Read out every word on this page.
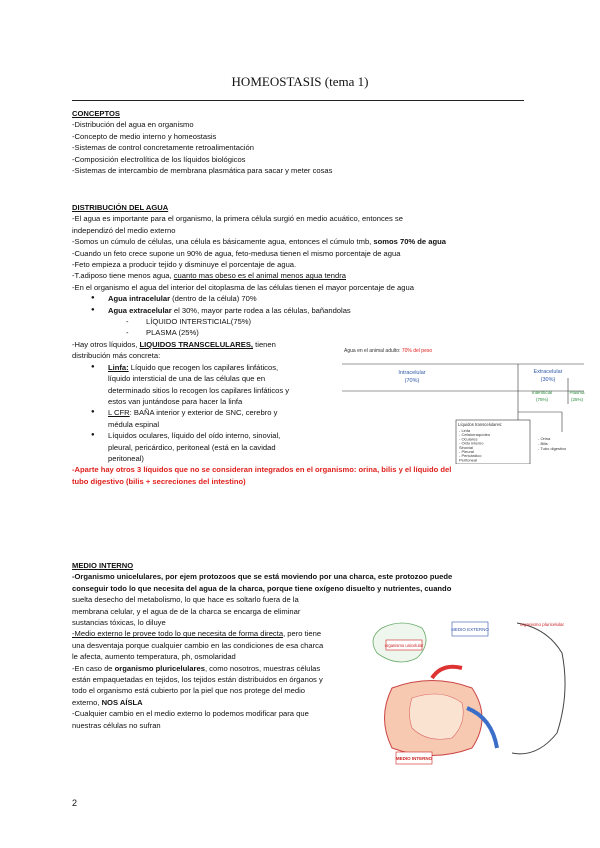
HOMEOSTASIS (tema 1)
CONCEPTOS
-Distribución del agua en organismo
-Concepto de medio interno y homeostasis
-Sistemas de control concretamente retroalimentación
-Composición electrolítica de los líquidos biológicos
-Sistemas de intercambio de membrana plasmática para sacar y meter cosas
DISTRIBUCIÓN DEL AGUA
-El agua es importante para el organismo, la primera célula surgió en medio acuático, entonces se
independizó del medio externo
-Somos un cúmulo de células, una célula es básicamente agua, entonces el cúmulo tmb, somos 70% de agua
-Cuando un feto crece supone un 90% de agua, feto-medusa tienen el mismo porcentaje de agua
-Feto empieza a producir tejido y disminuye el porcentaje de agua.
-T.adiposo tiene menos agua, cuanto mas obeso es el animal menos agua tendra
-En el organismo el agua del interior del citoplasma de las células tienen el mayor porcentaje de agua
● Agua intracelular (dentro de la célula) 70%
● Agua extracelular el 30%, mayor parte rodea a las células, bañandolas
- LÍQUIDO INTERSTICIAL(75%)
- PLASMA (25%)
-Hay otros líquidos, LIQUIDOS TRANSCELULARES, tienen
distribución más concreta:
● Linfa: Líquido que recogen los capilares linfáticos,
líquido intersticial de una de las células que en
determinado sitios lo recogen los capilares linfáticos y
estos van juntándose para hacer la linfa
● L CFR: BAÑA interior y exterior de SNC, cerebro y
médula espinal
● Líquidos oculares, líquido del oído interno, sinovial,
pleural, pericárdico, peritoneal (está en la cavidad
peritoneal)
-Aparte hay otros 3 líquidos que no se consideran integrados en el organismo: orina, bilis y el líquido del
tubo digestivo (bilis + secreciones del intestino)
MEDIO INTERNO
-Organismo unicelulares, por ejem protozoos que se está moviendo por una charca, este protozoo puede
conseguir todo lo que necesita del agua de la charca, porque tiene oxígeno disuelto y nutrientes, cuando
suelta desecho del metabolismo, lo que hace es soltarlo fuera de la
membrana celular, y el agua de de la charca se encarga de eliminar
sustancias tóxicas, lo diluye
-Medio externo le provee todo lo que necesita de forma directa, pero tiene
una desventaja porque cualquier cambio en las condiciones de esa charca
le afecta, aumento temperatura, ph, osmolaridad
-En caso de organismo pluricelulares, como nosotros, muestras células
están empaquetadas en tejidos, los tejidos están distribuidos en órganos y
todo el organismo está cubierto por la piel que nos protege del medio
externo, NOS AÍSLA
-Cualquier cambio en el medio externo lo podemos modificar para que
nuestras células no sufran
Agua en el animal adulto: 70% del peso
Intracelular
(70%)
Extracelular
(30%)
Intersticial
(75%)
Plasma
(25%)
Líquidos transcelulares:
- Linfa
- Cefalorraquídeo
- Oculares
- Oído interno
Sinovial
- Pleural
- Pericárdico
Peritoneal
- Orina
- Bilis
- Tubo digestivo
organismo unicelular
MEDIO EXTERNO
organismo pluricelular
MEDIO INTERNO
2
